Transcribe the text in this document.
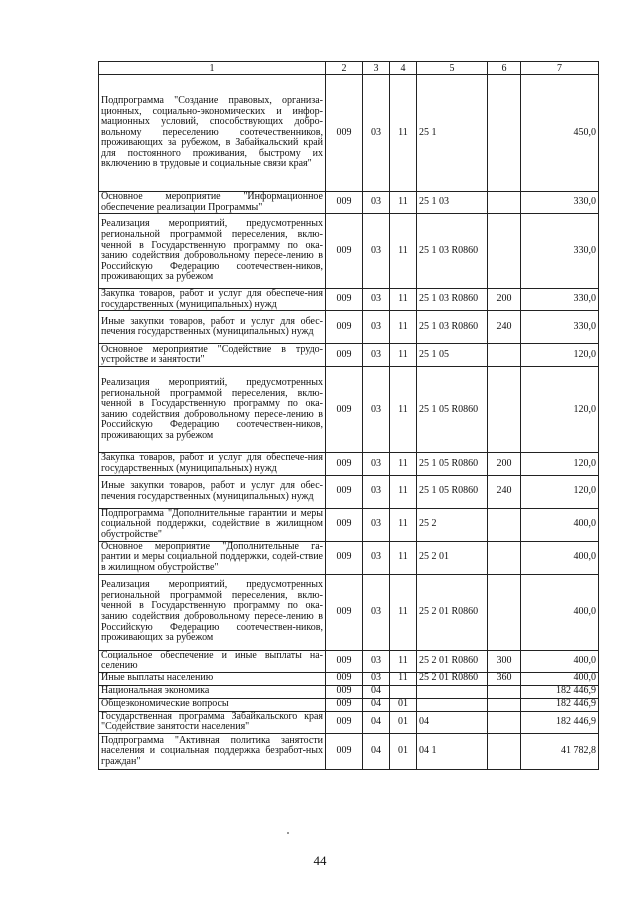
1	2	3	4	5	6	7
Подпрограмма "Создание правовых, организа-ционных, социально-экономических и инфор-мационных условий, способствующих добро-вольному переселению соотечественников, проживающих за рубежом, в Забайкальский край для постоянного проживания, быстрому их включению в трудовые и социальные связи края"	009	03	11	25 1		450,0
Основное мероприятие "Информационное обеспечение реализации Программы"	009	03	11	25 1 03		330,0
Реализация мероприятий, предусмотренных региональной программой переселения, вклю-ченной в Государственную программу по ока-занию содействия добровольному пересе-лению в Российскую Федерацию соотечествен-ников, проживающих за рубежом	009	03	11	25 1 03 R0860		330,0
Закупка товаров, работ и услуг для обеспече-ния государственных (муниципальных) нужд	009	03	11	25 1 03 R0860	200	330,0
Иные закупки товаров, работ и услуг для обес-печения государственных (муниципальных) нужд	009	03	11	25 1 03 R0860	240	330,0
Основное мероприятие "Содействие в трудо-устройстве и занятости"	009	03	11	25 1 05		120,0
Реализация мероприятий, предусмотренных региональной программой переселения, вклю-ченной в Государственную программу по ока-занию содействия добровольному пересе-лению в Российскую Федерацию соотечествен-ников, проживающих за рубежом	009	03	11	25 1 05 R0860		120,0
Закупка товаров, работ и услуг для обеспече-ния государственных (муниципальных) нужд	009	03	11	25 1 05 R0860	200	120,0
Иные закупки товаров, работ и услуг для обес-печения государственных (муниципальных) нужд	009	03	11	25 1 05 R0860	240	120,0
Подпрограмма "Дополнительные гарантии и меры социальной поддержки, содействие в жилищном обустройстве"	009	03	11	25 2		400,0
Основное мероприятие "Дополнительные га-рантии и меры социальной поддержки, содей-ствие в жилищном обустройстве"	009	03	11	25 2 01		400,0
Реализация мероприятий, предусмотренных региональной программой переселения, вклю-ченной в Государственную программу по ока-занию содействия добровольному пересе-лению в Российскую Федерацию соотечествен-ников, проживающих за рубежом	009	03	11	25 2 01 R0860		400,0
Социальное обеспечение и иные выплаты на-селению	009	03	11	25 2 01 R0860	300	400,0
Иные выплаты населению	009	03	11	25 2 01 R0860	360	400,0
Национальная экономика	009	04				182 446,9
Общеэкономические вопросы	009	04	01			182 446,9
Государственная программа Забайкальского края "Содействие занятости населения"	009	04	01	04		182 446,9
Подпрограмма "Активная политика занятости населения и социальная поддержка безработ-ных граждан"	009	04	01	04 1		41 782,8
44
